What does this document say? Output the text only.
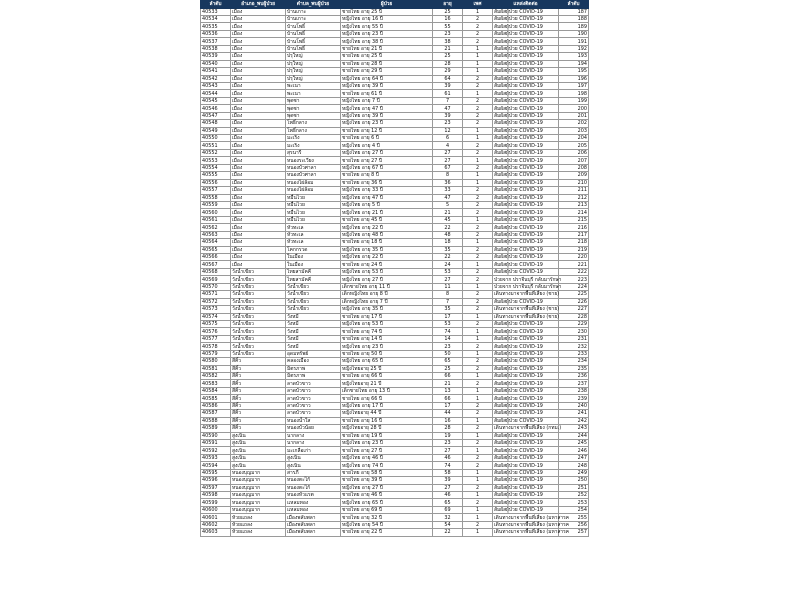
ลำดับ	อำเภอ_พบผู้ป่วย	ตำบล_พบผู้ป่วย	ผู้ป่วย	อายุ	เพศ	แหล่งติดต่อ	ลำดับ
40533	เมือง	บ้านเกาะ	ชายไทย อายุ 25 ปี	25	1	สัมผัสผู้ป่วย COVID-19	187
40534	เมือง	บ้านเกาะ	หญิงไทย อายุ 16 ปี	16	2	สัมผัสผู้ป่วย COVID-19	188
40535	เมือง	บ้านโพธิ์	หญิงไทย อายุ 55 ปี	55	2	สัมผัสผู้ป่วย COVID-19	189
40536	เมือง	บ้านโพธิ์	หญิงไทย อายุ 23 ปี	23	2	สัมผัสผู้ป่วย COVID-19	190
40537	เมือง	บ้านโพธิ์	หญิงไทย อายุ 38 ปี	38	2	สัมผัสผู้ป่วย COVID-19	191
40538	เมือง	บ้านโพธิ์	ชายไทย อายุ 21 ปี	21	1	สัมผัสผู้ป่วย COVID-19	192
40539	เมือง	ปรุใหญ่	ชายไทย อายุ 25 ปี	25	1	สัมผัสผู้ป่วย COVID-19	193
40540	เมือง	ปรุใหญ่	ชายไทย อายุ 28 ปี	28	1	สัมผัสผู้ป่วย COVID-19	194
40541	เมือง	ปรุใหญ่	ชายไทย อายุ 29 ปี	29	1	สัมผัสผู้ป่วย COVID-19	195
40542	เมือง	ปรุใหญ่	หญิงไทย อายุ 64 ปี	64	2	สัมผัสผู้ป่วย COVID-19	196
40543	เมือง	พะเนา	หญิงไทย อายุ 39 ปี	39	2	สัมผัสผู้ป่วย COVID-19	197
40544	เมือง	พะเนา	ชายไทย อายุ 61 ปี	61	1	สัมผัสผู้ป่วย COVID-19	198
40545	เมือง	พุดซา	หญิงไทย อายุ 7 ปี	7	2	สัมผัสผู้ป่วย COVID-19	199
40546	เมือง	พุดซา	หญิงไทย อายุ 47 ปี	47	2	สัมผัสผู้ป่วย COVID-19	200
40547	เมือง	พุดซา	หญิงไทย อายุ 39 ปี	39	2	สัมผัสผู้ป่วย COVID-19	201
40548	เมือง	โพธิ์กลาง	หญิงไทย อายุ 23 ปี	23	2	สัมผัสผู้ป่วย COVID-19	202
40549	เมือง	โพธิ์กลาง	ชายไทย อายุ 12 ปี	12	1	สัมผัสผู้ป่วย COVID-19	203
40550	เมือง	มะเริง	ชายไทย อายุ 6 ปี	6	1	สัมผัสผู้ป่วย COVID-19	204
40551	เมือง	มะเริง	หญิงไทย อายุ 4 ปี	4	2	สัมผัสผู้ป่วย COVID-19	205
40552	เมือง	สุรนารี	หญิงไทย อายุ 27 ปี	27	2	สัมผัสผู้ป่วย COVID-19	206
40553	เมือง	หนองระเวียง	ชายไทย อายุ 27 ปี	27	1	สัมผัสผู้ป่วย COVID-19	207
40554	เมือง	หนองบัวศาลา	หญิงไทย อายุ 67 ปี	67	2	สัมผัสผู้ป่วย COVID-19	208
40555	เมือง	หนองบัวศาลา	ชายไทย อายุ 8 ปี	8	1	สัมผัสผู้ป่วย COVID-19	209
40556	เมือง	หนองไผ่ล้อม	ชายไทย อายุ 36 ปี	36	1	สัมผัสผู้ป่วย COVID-19	210
40557	เมือง	หนองไผ่ล้อม	หญิงไทย อายุ 33 ปี	33	2	สัมผัสผู้ป่วย COVID-19	211
40558	เมือง	หมื่นไวย	หญิงไทย อายุ 47 ปี	47	2	สัมผัสผู้ป่วย COVID-19	212
40559	เมือง	หมื่นไวย	หญิงไทย อายุ 5 ปี	5	2	สัมผัสผู้ป่วย COVID-19	213
40560	เมือง	หมื่นไวย	หญิงไทย อายุ 21 ปี	21	2	สัมผัสผู้ป่วย COVID-19	214
40561	เมือง	หมื่นไวย	ชายไทย อายุ 45 ปี	45	1	สัมผัสผู้ป่วย COVID-19	215
40562	เมือง	หัวทะเล	หญิงไทย อายุ 22 ปี	22	2	สัมผัสผู้ป่วย COVID-19	216
40563	เมือง	หัวทะเล	หญิงไทย อายุ 48 ปี	48	2	สัมผัสผู้ป่วย COVID-19	217
40564	เมือง	หัวทะเล	ชายไทย อายุ 18 ปี	18	1	สัมผัสผู้ป่วย COVID-19	218
40565	เมือง	โคกกรวด	หญิงไทย อายุ 35 ปี	35	2	สัมผัสผู้ป่วย COVID-19	219
40566	เมือง	ในเมือง	หญิงไทย อายุ 22 ปี	22	2	สัมผัสผู้ป่วย COVID-19	220
40567	เมือง	ในเมือง	ชายไทย อายุ 24 ปี	24	1	สัมผัสผู้ป่วย COVID-19	221
40568	วังน้ำเขียว	ไทยสามัคคี	หญิงไทย อายุ 53 ปี	53	2	สัมผัสผู้ป่วย COVID-19	222
40569	วังน้ำเขียว	ไทยสามัคคี	หญิงไทย อายุ 27 ปี	27	2	ป่วยจาก ปราจีนบุรี กลับมารักษา	223
40570	วังน้ำเขียว	วังน้ำเขียว	เด็กชายไทย อายุ 11 ปี	11	1	ป่วยจาก ปราจีนบุรี กลับมารักษา	224
40571	วังน้ำเขียว	วังน้ำเขียว	เด็กหญิงไทย อายุ 8 ปี	8	2	เดินทางมาจากพื้นที่เสี่ยง (ชาย)	225
40572	วังน้ำเขียว	วังน้ำเขียว	เด็กหญิงไทย อายุ 7 ปี	7	2	สัมผัสผู้ป่วย COVID-19	226
40573	วังน้ำเขียว	วังน้ำเขียว	หญิงไทย อายุ 35 ปี	35	2	เดินทางมาจากพื้นที่เสี่ยง (ชาย)	227
40574	วังน้ำเขียว	วังหมี	ชายไทย อายุ 17 ปี	17	1	เดินทางมาจากพื้นที่เสี่ยง (ชาย)	228
40575	วังน้ำเขียว	วังหมี	หญิงไทย อายุ 53 ปี	53	2	สัมผัสผู้ป่วย COVID-19	229
40576	วังน้ำเขียว	วังหมี	ชายไทย อายุ 74 ปี	74	1	สัมผัสผู้ป่วย COVID-19	230
40577	วังน้ำเขียว	วังหมี	ชายไทย อายุ 14 ปี	14	1	สัมผัสผู้ป่วย COVID-19	231
40578	วังน้ำเขียว	วังหมี	หญิงไทย อายุ 23 ปี	23	2	สัมผัสผู้ป่วย COVID-19	232
40579	วังน้ำเขียว	อุดมทรัพย์	ชายไทย อายุ 50 ปี	50	1	สัมผัสผู้ป่วย COVID-19	233
40580	สีคิ้ว	คลองเมือง	หญิงไทย อายุ 65 ปี	65	2	สัมผัสผู้ป่วย COVID-19	234
40581	สีคิ้ว	มิตรภาพ	หญิงไทยอายุ 25 ปี	25	2	สัมผัสผู้ป่วย COVID-19	235
40582	สีคิ้ว	มิตรภาพ	ชายไทย อายุ 66 ปี	66	1	สัมผัสผู้ป่วย COVID-19	236
40583	สีคิ้ว	ลาดบัวขาว	หญิงไทยอายุ 21 ปี	21	2	สัมผัสผู้ป่วย COVID-19	237
40584	สีคิ้ว	ลาดบัวขาว	เด็กชายไทย อายุ 13 ปี	13	1	สัมผัสผู้ป่วย COVID-19	238
40585	สีคิ้ว	ลาดบัวขาว	ชายไทย อายุ 66 ปี	66	1	สัมผัสผู้ป่วย COVID-19	239
40586	สีคิ้ว	ลาดบัวขาว	หญิงไทย อายุ 17 ปี	17	2	สัมผัสผู้ป่วย COVID-19	240
40587	สีคิ้ว	ลาดบัวขาว	หญิงไทยอายุ 44 ปี	44	2	สัมผัสผู้ป่วย COVID-19	241
40588	สีคิ้ว	หนองน้ำใส	ชายไทย อายุ 16 ปี	16	1	สัมผัสผู้ป่วย COVID-19	242
40589	สีคิ้ว	หนองบัวน้อย	หญิงไทยอายุ 28 ปี	28	2	เดินทางมาจากพื้นที่เสี่ยง (กทม.)	243
40590	สูงเนิน	นากลาง	ชายไทย อายุ 19 ปี	19	1	สัมผัสผู้ป่วย COVID-19	244
40591	สูงเนิน	นากลาง	หญิงไทย อายุ 23 ปี	23	2	สัมผัสผู้ป่วย COVID-19	245
40592	สูงเนิน	มะเกลือเก่า	ชายไทย อายุ 27 ปี	27	1	สัมผัสผู้ป่วย COVID-19	246
40593	สูงเนิน	สูงเนิน	หญิงไทย อายุ 46 ปี	46	2	สัมผัสผู้ป่วย COVID-19	247
40594	สูงเนิน	สูงเนิน	หญิงไทย อายุ 74 ปี	74	2	สัมผัสผู้ป่วย COVID-19	248
40595	หนองบุญมาก	สารภี	ชายไทย อายุ 58 ปี	58	1	สัมผัสผู้ป่วย COVID-19	249
40596	หนองบุญมาก	หนองตะไก้	ชายไทย อายุ 39 ปี	39	1	สัมผัสผู้ป่วย COVID-19	250
40597	หนองบุญมาก	หนองตะไก้	หญิงไทย อายุ 27 ปี	27	2	สัมผัสผู้ป่วย COVID-19	251
40598	หนองบุญมาก	หนองหัวแรต	ชายไทย อายุ 46 ปี	46	1	สัมผัสผู้ป่วย COVID-19	252
40599	หนองบุญมาก	แหลมทอง	หญิงไทย อายุ 65 ปี	65	2	สัมผัสผู้ป่วย COVID-19	253
40600	หนองบุญมาก	แหลมทอง	ชายไทย อายุ 69 ปี	69	1	สัมผัสผู้ป่วย COVID-19	254
40601	ห้วยแถลง	เมืองพลับพลา	ชายไทย อายุ 32 ปี	32	1	เดินทางมาจากพื้นที่เสี่ยง (มหาสารค	255
40602	ห้วยแถลง	เมืองพลับพลา	หญิงไทย อายุ 54 ปี	54	2	เดินทางมาจากพื้นที่เสี่ยง (มหาสารค	256
40603	ห้วยแถลง	เมืองพลับพลา	ชายไทย อายุ 22 ปี	22	1	เดินทางมาจากพื้นที่เสี่ยง (มหาสารค	257
